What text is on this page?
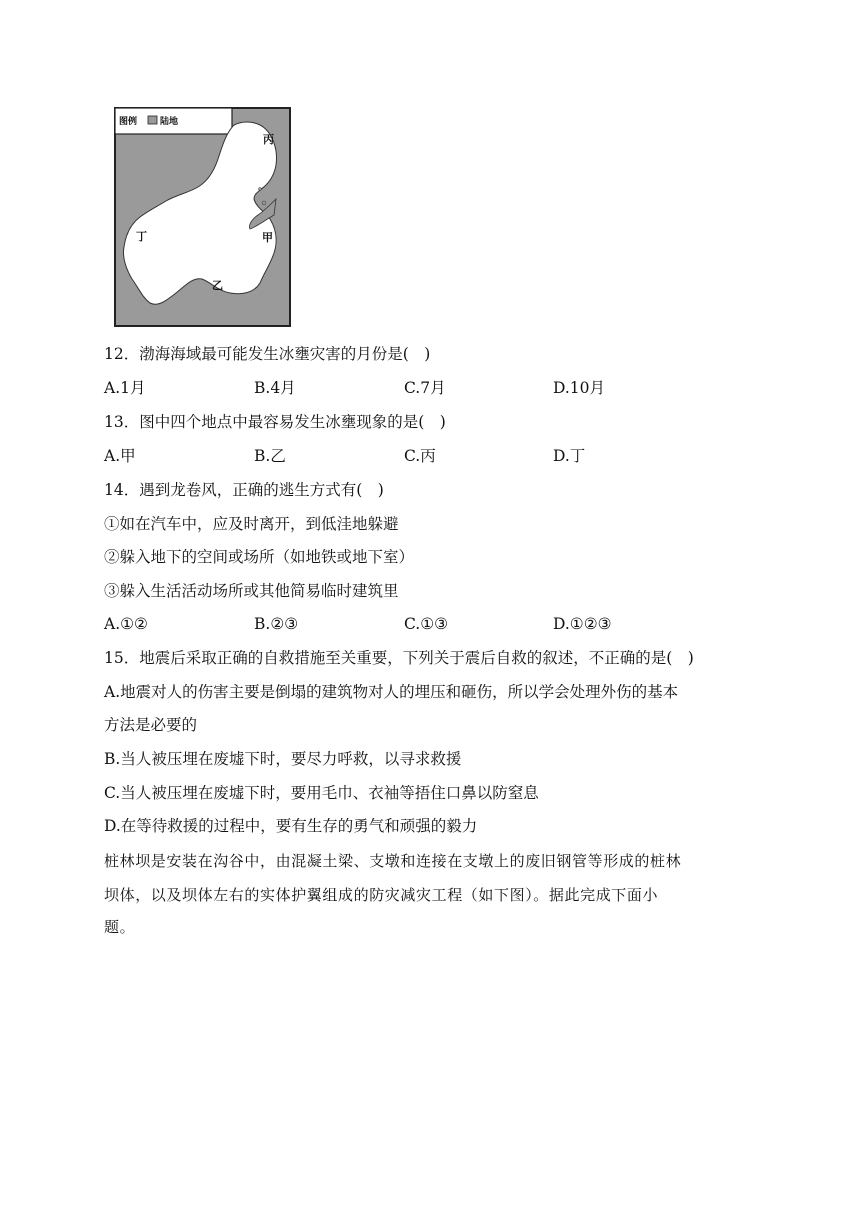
图例	陆地
丙
甲
乙
丁
12．渤海海域最可能发生冰壅灾害的月份是(　)
A.1月	B.4月	C.7月	D.10月
13．图中四个地点中最容易发生冰壅现象的是(　)
A.甲	B.乙	C.丙	D.丁
14．遇到龙卷风，正确的逃生方式有(　)
①如在汽车中，应及时离开，到低洼地躲避
②躲入地下的空间或场所（如地铁或地下室）
③躲入生活活动场所或其他简易临时建筑里
A.①②	B.②③	C.①③	D.①②③
15．地震后采取正确的自救措施至关重要，下列关于震后自救的叙述，不正确的是(　)
A.地震对人的伤害主要是倒塌的建筑物对人的埋压和砸伤，所以学会处理外伤的基本
方法是必要的
B.当人被压埋在废墟下时，要尽力呼救，以寻求救援
C.当人被压埋在废墟下时，要用毛巾、衣袖等捂住口鼻以防窒息
D.在等待救援的过程中，要有生存的勇气和顽强的毅力
桩林坝是安装在沟谷中，由混凝土梁、支墩和连接在支墩上的废旧钢管等形成的桩林
坝体，以及坝体左右的实体护翼组成的防灾减灾工程（如下图）。据此完成下面小
题。
